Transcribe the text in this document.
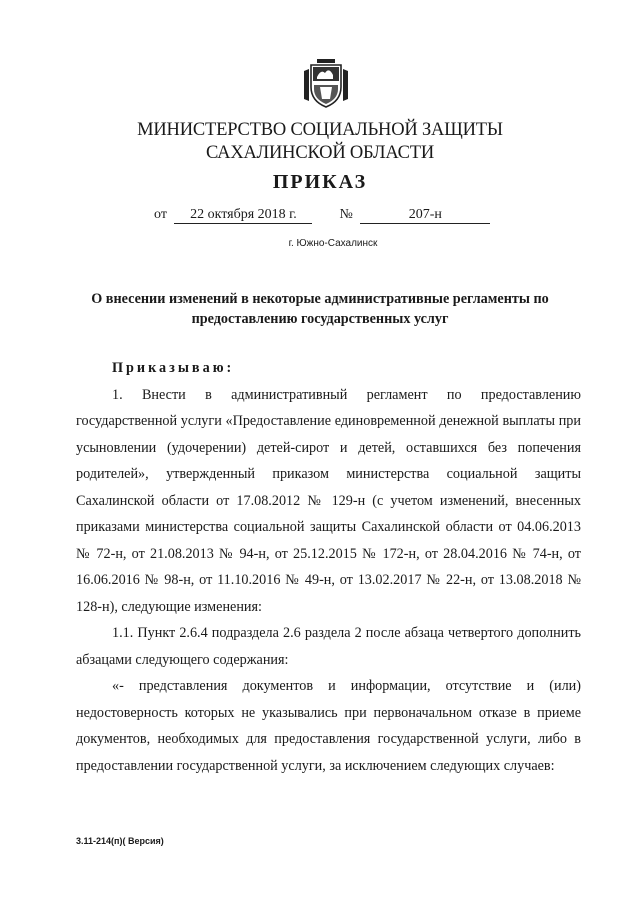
МИНИСТЕРСТВО СОЦИАЛЬНОЙ ЗАЩИТЫ
САХАЛИНСКОЙ ОБЛАСТИ
ПРИКАЗ
от 22 октября 2018 г.	№	207-н
г. Южно-Сахалинск
О внесении изменений в некоторые административные регламенты по
предоставлению государственных услуг

Приказываю:

1. Внести в административный регламент по предоставлению государственной услуги «Предоставление единовременной денежной выплаты при усыновлении (удочерении) детей-сирот и детей, оставшихся без попечения родителей», утвержденный приказом министерства социальной защиты Сахалинской области от 17.08.2012 № 129-н (с учетом изменений, внесенных приказами министерства социальной защиты Сахалинской области от 04.06.2013 № 72-н, от 21.08.2013 № 94-н, от 25.12.2015 № 172-н, от 28.04.2016 № 74-н, от 16.06.2016 № 98-н, от 11.10.2016 № 49-н, от 13.02.2017 № 22-н, от 13.08.2018 № 128-н), следующие изменения:

1.1. Пункт 2.6.4 подраздела 2.6 раздела 2 после абзаца четвертого дополнить абзацами следующего содержания:

«- представления документов и информации, отсутствие и (или) недостоверность которых не указывались при первоначальном отказе в приеме документов, необходимых для предоставления государственной услуги, либо в предоставлении государственной услуги, за исключением следующих случаев:

3.11-214(п)( Версия)
